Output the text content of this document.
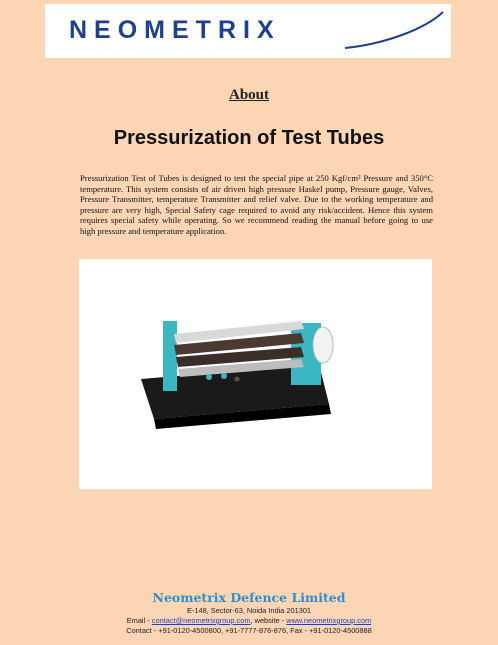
NEOMETRIX
About
Pressurization of Test Tubes
Pressurization Test of Tubes is designed to test the special pipe at 250 Kgf/cm² Pressure and 350°C temperature. This system consists of air driven high pressure Haskel pump, Pressure gauge, Valves, Pressure Transmitter, temperature Transmitter and relief valve. Due to the working temperature and pressure are very high, Special Safety cage required to avoid any risk/accident. Hence this system requires special safety while operating. So we recommend reading the manual before going to use high pressure and temperature application.
Neometrix Defence Limited
E-148, Sector-63, Noida India 201301
Email - contact@neometrixgroup.com, website - www.neometrixgroup.com
Contact - +91-0120-4500800, +91-7777-876-876, Fax - +91-0120-4500888
